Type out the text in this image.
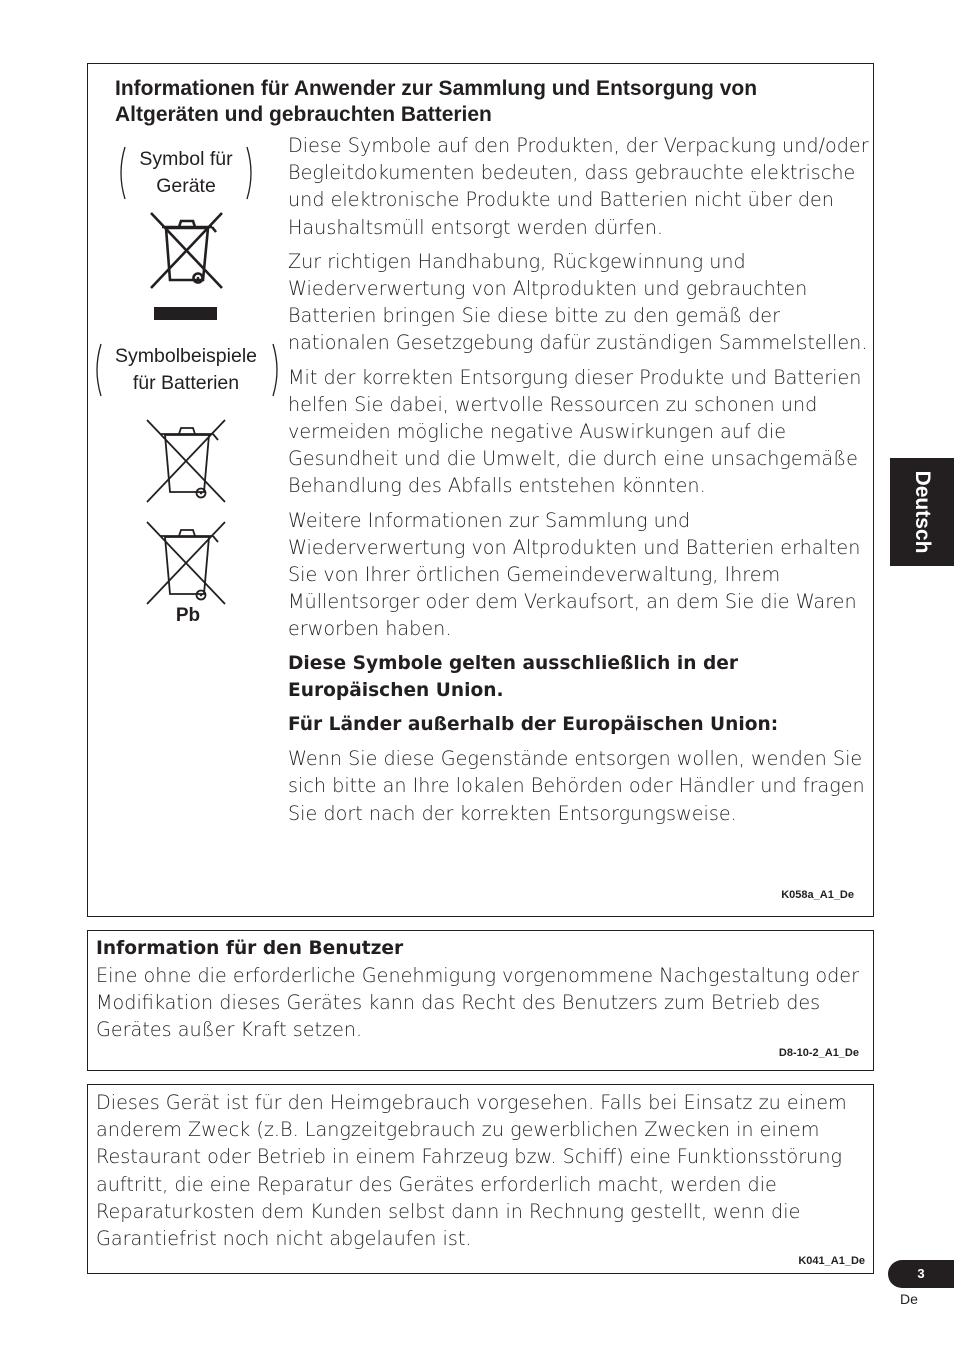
Informationen für Anwender zur Sammlung und Entsorgung von Altgeräten und gebrauchten Batterien
Symbol für
Geräte
Symbolbeispiele
für Batterien
Pb

Diese Symbole auf den Produkten, der Verpackung und/oder Begleitdokumenten bedeuten, dass gebrauchte elektrische und elektronische Produkte und Batterien nicht über den Haushaltsmüll entsorgt werden dürfen.

Zur richtigen Handhabung, Rückgewinnung und Wiederverwertung von Altprodukten und gebrauchten Batterien bringen Sie diese bitte zu den gemäß der nationalen Gesetzgebung dafür zuständigen Sammelstellen.

Mit der korrekten Entsorgung dieser Produkte und Batterien helfen Sie dabei, wertvolle Ressourcen zu schonen und vermeiden mögliche negative Auswirkungen auf die Gesundheit und die Umwelt, die durch eine unsachgemäße Behandlung des Abfalls entstehen könnten.

Weitere Informationen zur Sammlung und Wiederverwertung von Altprodukten und Batterien erhalten Sie von Ihrer örtlichen Gemeindeverwaltung, Ihrem Müllentsorger oder dem Verkaufsort, an dem Sie die Waren erworben haben.

Diese Symbole gelten ausschließlich in der Europäischen Union.

Für Länder außerhalb der Europäischen Union:

Wenn Sie diese Gegenstände entsorgen wollen, wenden Sie sich bitte an Ihre lokalen Behörden oder Händler und fragen Sie dort nach der korrekten Entsorgungsweise.

K058a_A1_De
Information für den Benutzer
Eine ohne die erforderliche Genehmigung vorgenommene Nachgestaltung oder Modifikation dieses Gerätes kann das Recht des Benutzers zum Betrieb des Gerätes außer Kraft setzen.
D8-10-2_A1_De
Dieses Gerät ist für den Heimgebrauch vorgesehen. Falls bei Einsatz zu einem anderem Zweck (z.B. Langzeitgebrauch zu gewerblichen Zwecken in einem Restaurant oder Betrieb in einem Fahrzeug bzw. Schiff) eine Funktionsstörung auftritt, die eine Reparatur des Gerätes erforderlich macht, werden die Reparaturkosten dem Kunden selbst dann in Rechnung gestellt, wenn die Garantiefrist noch nicht abgelaufen ist.
K041_A1_De
Deutsch
3
De
